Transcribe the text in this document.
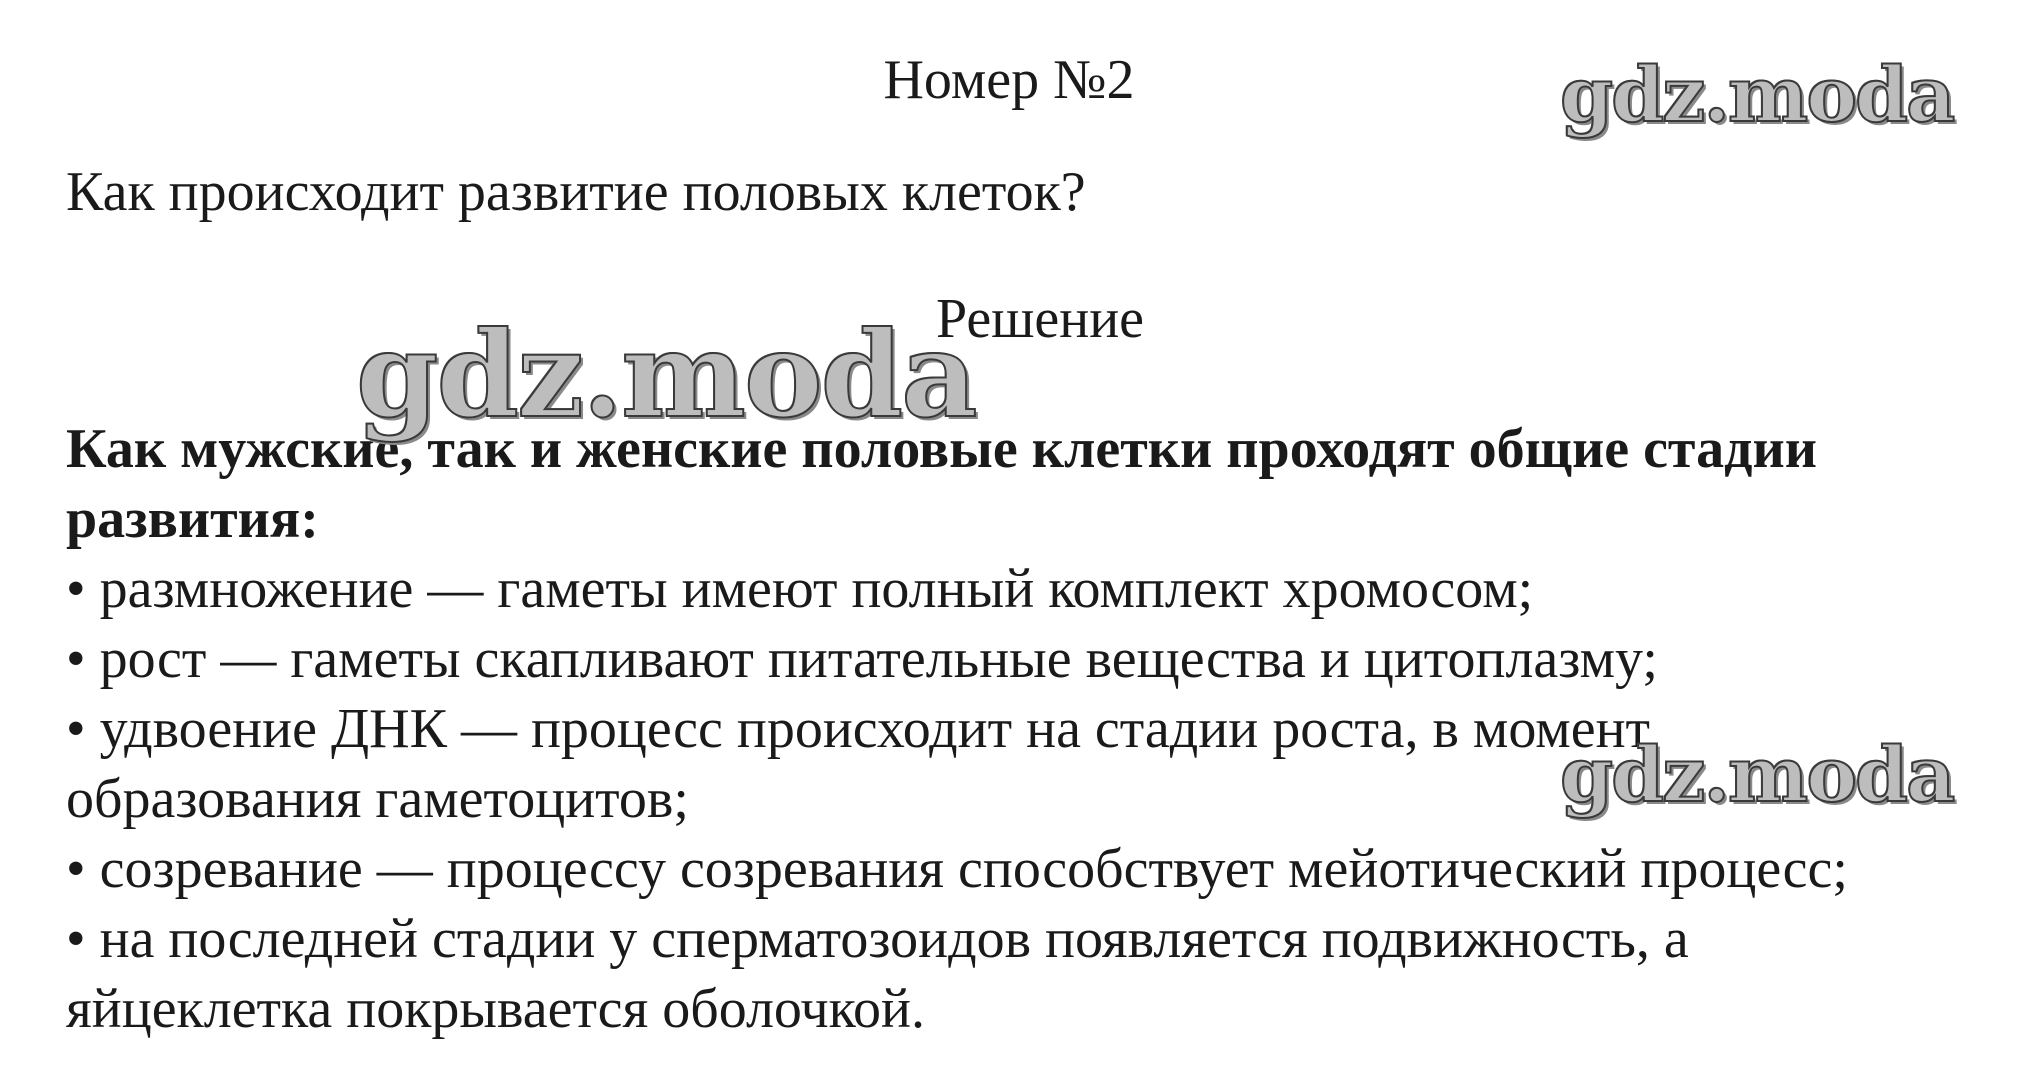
Номер №2
Как происходит развитие половых клеток?
Решение
Как мужские, так и женские половые клетки проходят общие стадии
развития:
• размножение — гаметы имеют полный комплект хромосом;
• рост — гаметы скапливают питательные вещества и цитоплазму;
• удвоение ДНК — процесс происходит на стадии роста, в момент
образования гаметоцитов;
• созревание — процессу созревания способствует мейотический процесс;
• на последней стадии у сперматозоидов появляется подвижность, а
яйцеклетка покрывается оболочкой.
gdz.moda
gdz.moda
gdz.moda
